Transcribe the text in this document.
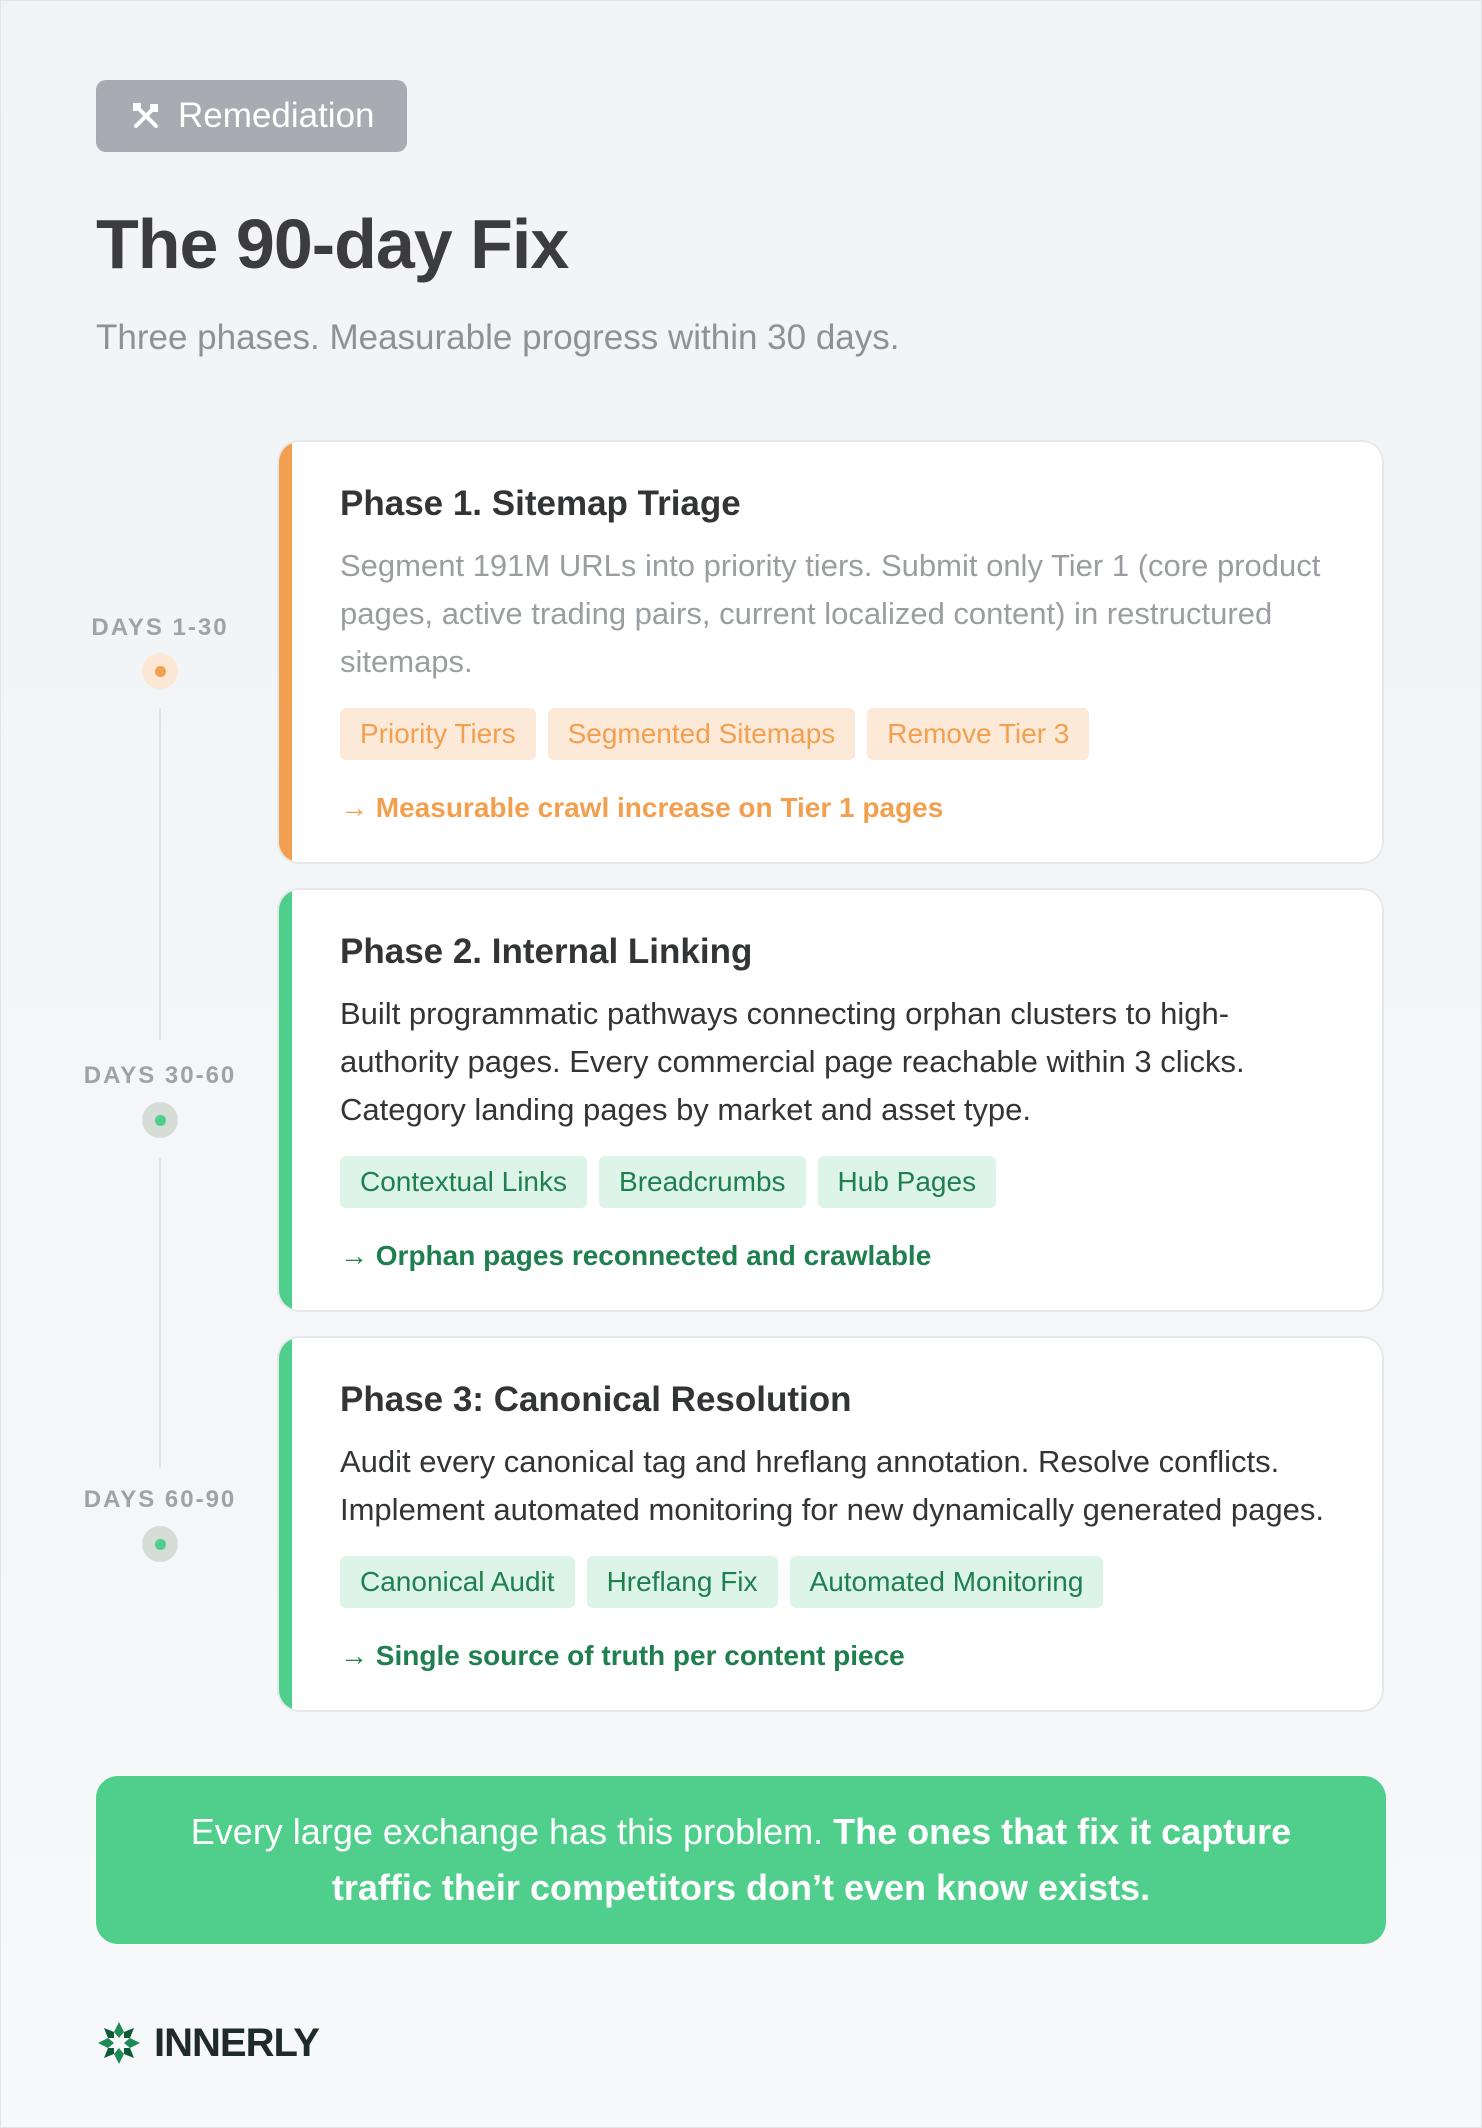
Remediation
The 90-day Fix
Three phases. Measurable progress within 30 days.
DAYS 1-30
Phase 1. Sitemap Triage
Segment 191M URLs into priority tiers. Submit only Tier 1 (core product pages, active trading pairs, current localized content) in restructured sitemaps.
Priority Tiers	Segmented Sitemaps	Remove Tier 3
→ Measurable crawl increase on Tier 1 pages
DAYS 30-60
Phase 2. Internal Linking
Built programmatic pathways connecting orphan clusters to high-authority pages. Every commercial page reachable within 3 clicks. Category landing pages by market and asset type.
Contextual Links	Breadcrumbs	Hub Pages
→ Orphan pages reconnected and crawlable
DAYS 60-90
Phase 3: Canonical Resolution
Audit every canonical tag and hreflang annotation. Resolve conflicts. Implement automated monitoring for new dynamically generated pages.
Canonical Audit	Hreflang Fix	Automated Monitoring
→ Single source of truth per content piece
Every large exchange has this problem. The ones that fix it capture traffic their competitors don’t even know exists.
INNERLY
